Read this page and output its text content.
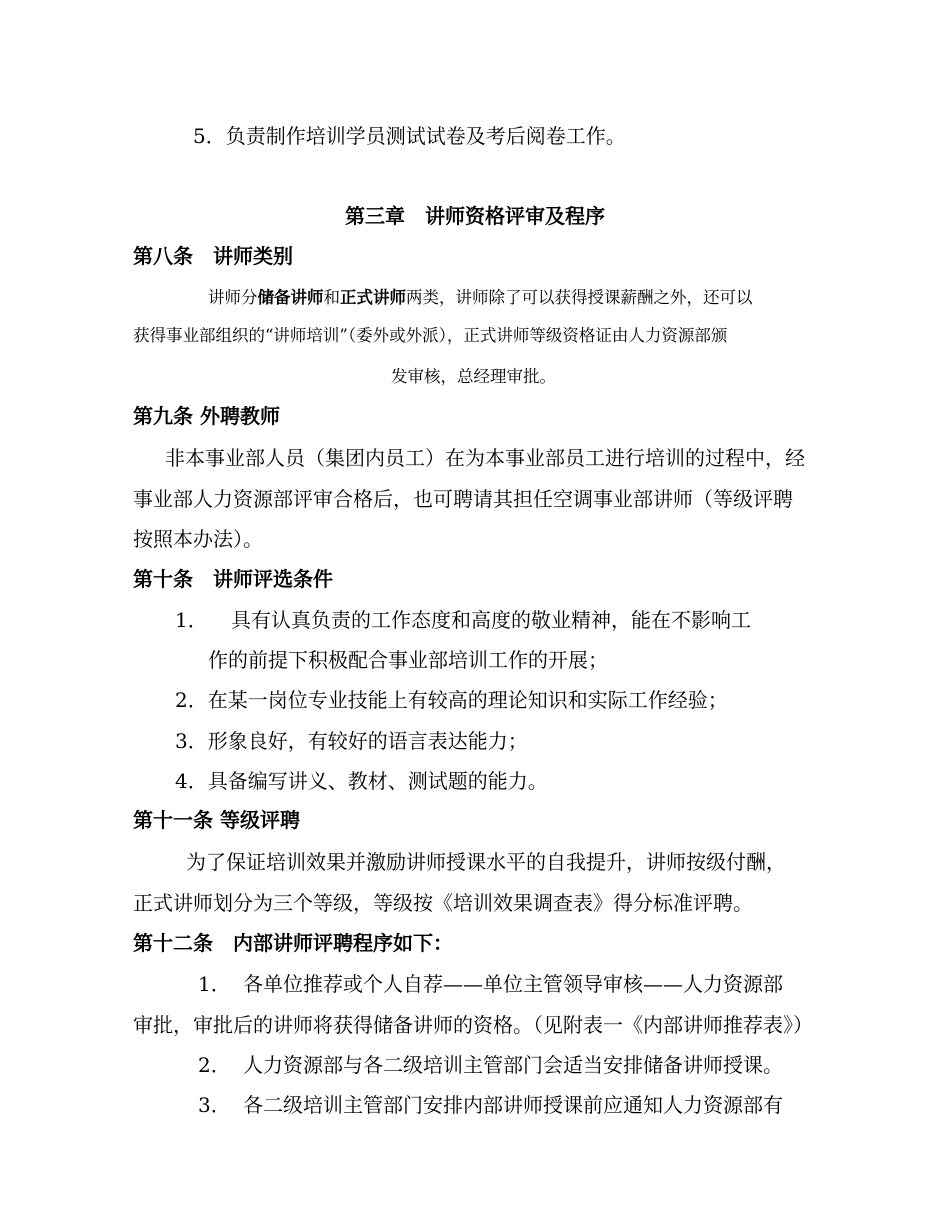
5．负责制作培训学员测试试卷及考后阅卷工作。
第三章　讲师资格评审及程序
第八条　讲师类别
讲师分储备讲师和正式讲师两类，讲师除了可以获得授课薪酬之外，还可以
获得事业部组织的“讲师培训”（委外或外派），正式讲师等级资格证由人力资源部颁
发审核，总经理审批。
第九条 外聘教师
非本事业部人员（集团内员工）在为本事业部员工进行培训的过程中，经
事业部人力资源部评审合格后，也可聘请其担任空调事业部讲师（等级评聘
按照本办法）。
第十条　讲师评选条件
1． 具有认真负责的工作态度和高度的敬业精神，能在不影响工
作的前提下积极配合事业部培训工作的开展；
2．在某一岗位专业技能上有较高的理论知识和实际工作经验；
3．形象良好，有较好的语言表达能力；
4．具备编写讲义、教材、测试题的能力。
第十一条 等级评聘
为了保证培训效果并激励讲师授课水平的自我提升，讲师按级付酬，
正式讲师划分为三个等级，等级按《培训效果调查表》得分标准评聘。
第十二条　内部讲师评聘程序如下：
1． 各单位推荐或个人自荐——单位主管领导审核——人力资源部
审批，审批后的讲师将获得储备讲师的资格。（见附表一《内部讲师推荐表》）
2． 人力资源部与各二级培训主管部门会适当安排储备讲师授课。
3． 各二级培训主管部门安排内部讲师授课前应通知人力资源部有
